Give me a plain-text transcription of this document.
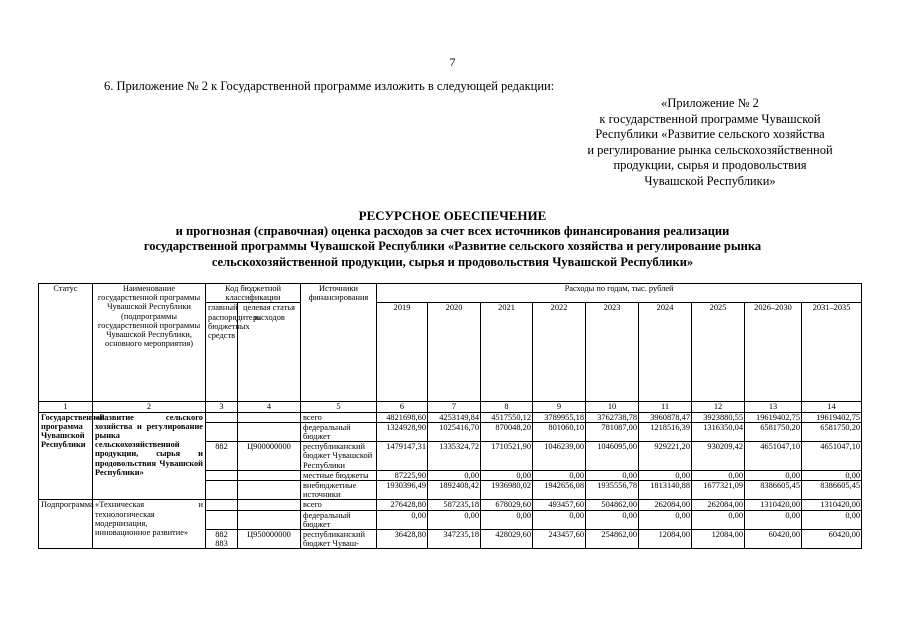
7
6. Приложение № 2 к Государственной программе изложить в следующей редакции:
«Приложение № 2
к государственной программе Чувашской
Республики «Развитие сельского хозяйства
и регулирование рынка сельскохозяйственной
продукции, сырья и продовольствия
Чувашской Республики»
РЕСУРСНОЕ ОБЕСПЕЧЕНИЕ
и прогнозная (справочная) оценка расходов за счет всех источников финансирования реализации
государственной программы Чувашской Республики «Развитие сельского хозяйства и регулирование рынка
сельскохозяйственной продукции, сырья и продовольствия Чувашской Республики»
Статус	Наименование государственной программы Чувашской Республики (подпрограммы государственной программы Чувашской Республики, основного мероприятия)	Код бюджетной классификации		Источники финансирования	Расходы по годам, тыс. рублей								
		главный распорядитель бюджетных средств	целевая статья расходов		2019	2020	2021	2022	2023	2024	2025	2026–2030	2031–2035
1	2	3	4	5	6	7	8	9	10	11	12	13	14
Государственная программа Чувашской Республики	«Развитие сельского хозяйства и регулирование рынка сельскохозяйственной продукции, сырья и продовольствия Чувашской Республики»			всего	4821698,60	4253149,84	4517550,12	3789955,18	3762738,78	3960878,47	3923880,55	19619402,75	19619402,75
				федеральный бюджет	1324928,90	1025416,70	870048,20	801060,10	781087,00	1218516,39	1316350,04	6581750,20	6581750,20
		882	Ц900000000	республиканский бюджет Чувашской Республики	1479147,31	1335324,72	1710521,90	1046239,00	1046095,00	929221,20	930209,42	4651047,10	4651047,10
				местные бюджеты	87225,90	0,00	0,00	0,00	0,00	0,00	0,00	0,00	0,00
				внебюджетные источники	1930396,49	1892408,42	1936980,02	1942656,08	1935556,78	1813140,88	1677321,09	8386605,45	8386605,45
Подпрограмма	«Техническая и технологическая модернизация, инновационное развитие»			всего	276428,80	587235,18	678029,60	493457,60	504862,00	262084,00	262084,00	1310420,00	1310420,00
				федеральный бюджет	0,00	0,00	0,00	0,00	0,00	0,00	0,00	0,00	0,00
		882 883	Ц950000000	республиканский бюджет Чуваш-	36428,80	347235,18	428029,60	243457,60	254862,00	12084,00	12084,00	60420,00	60420,00
